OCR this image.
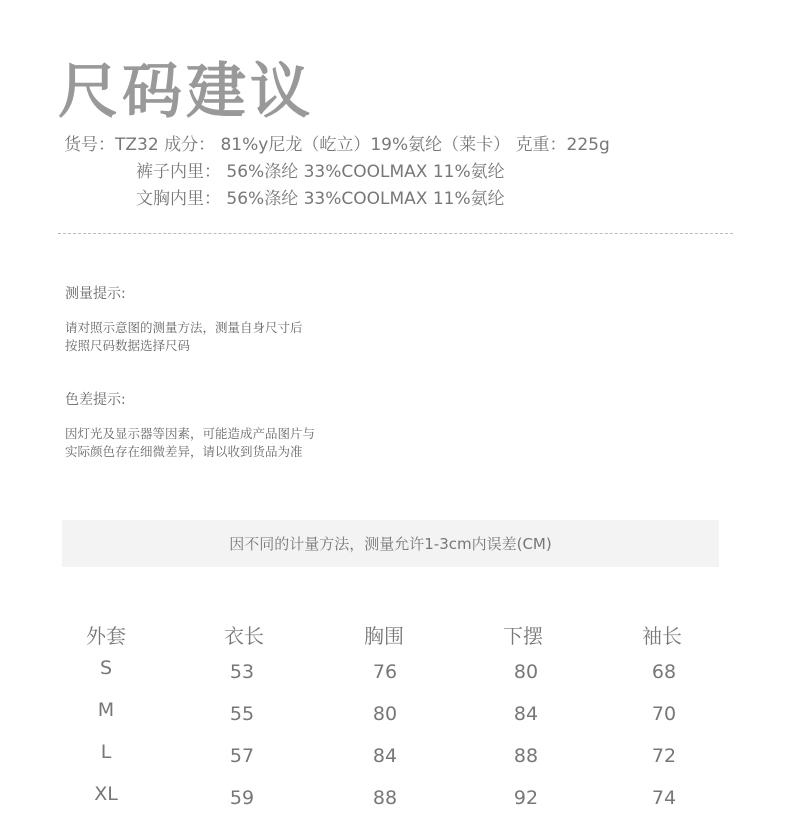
尺码建议
货号：TZ32 成分： 81%y尼龙（屹立）19%氨纶（莱卡） 克重：225g
裤子内里： 56%涤纶 33%COOLMAX 11%氨纶
文胸内里： 56%涤纶 33%COOLMAX 11%氨纶
测量提示:
请对照示意图的测量方法，测量自身尺寸后
按照尺码数据选择尺码
色差提示:
因灯光及显示器等因素，可能造成产品图片与
实际颜色存在细微差异，请以收到货品为准
因不同的计量方法，测量允许1-3cm内误差(CM)
外套	衣长	胸围	下摆	袖长
S	53	76	80	68
M	55	80	84	70
L	57	84	88	72
XL	59	88	92	74
